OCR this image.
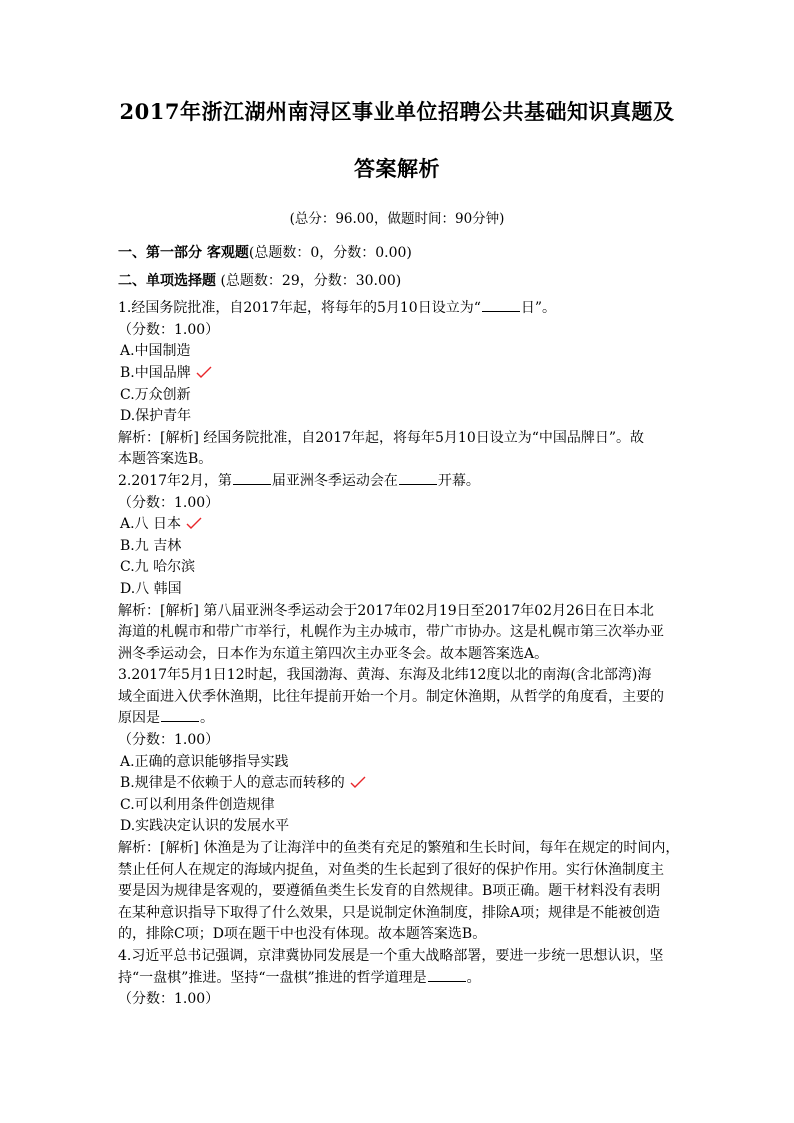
2017年浙江湖州南浔区事业单位招聘公共基础知识真题及
答案解析
(总分：96.00，做题时间：90分钟)
一、第一部分 客观题(总题数：0，分数：0.00)
二、单项选择题 (总题数：29，分数：30.00)
1.经国务院批准，自2017年起，将每年的5月10日设立为“	日”。
（分数：1.00）
A.中国制造
B.中国品牌
C.万众创新
D.保护青年
解析：[解析] 经国务院批准，自2017年起，将每年5月10日设立为“中国品牌日”。故
本题答案选B。
2.2017年2月，第	届亚洲冬季运动会在	开幕。
（分数：1.00）
A.八 日本
B.九 吉林
C.九 哈尔滨
D.八 韩国
解析：[解析] 第八届亚洲冬季运动会于2017年02月19日至2017年02月26日在日本北
海道的札幌市和带广市举行，札幌作为主办城市，带广市协办。这是札幌市第三次举办亚
洲冬季运动会，日本作为东道主第四次主办亚冬会。故本题答案选A。
3.2017年5月1日12时起，我国渤海、黄海、东海及北纬12度以北的南海(含北部湾)海
域全面进入伏季休渔期，比往年提前开始一个月。制定休渔期，从哲学的角度看，主要的
原因是	。
（分数：1.00）
A.正确的意识能够指导实践
B.规律是不依赖于人的意志而转移的
C.可以利用条件创造规律
D.实践决定认识的发展水平
解析：[解析] 休渔是为了让海洋中的鱼类有充足的繁殖和生长时间，每年在规定的时间内，
禁止任何人在规定的海域内捉鱼，对鱼类的生长起到了很好的保护作用。实行休渔制度主
要是因为规律是客观的，要遵循鱼类生长发育的自然规律。B项正确。题干材料没有表明
在某种意识指导下取得了什么效果，只是说制定休渔制度，排除A项；规律是不能被创造
的，排除C项；D项在题干中也没有体现。故本题答案选B。
4.习近平总书记强调，京津冀协同发展是一个重大战略部署，要进一步统一思想认识，坚
持“一盘棋”推进。坚持“一盘棋”推进的哲学道理是	。
（分数：1.00）
